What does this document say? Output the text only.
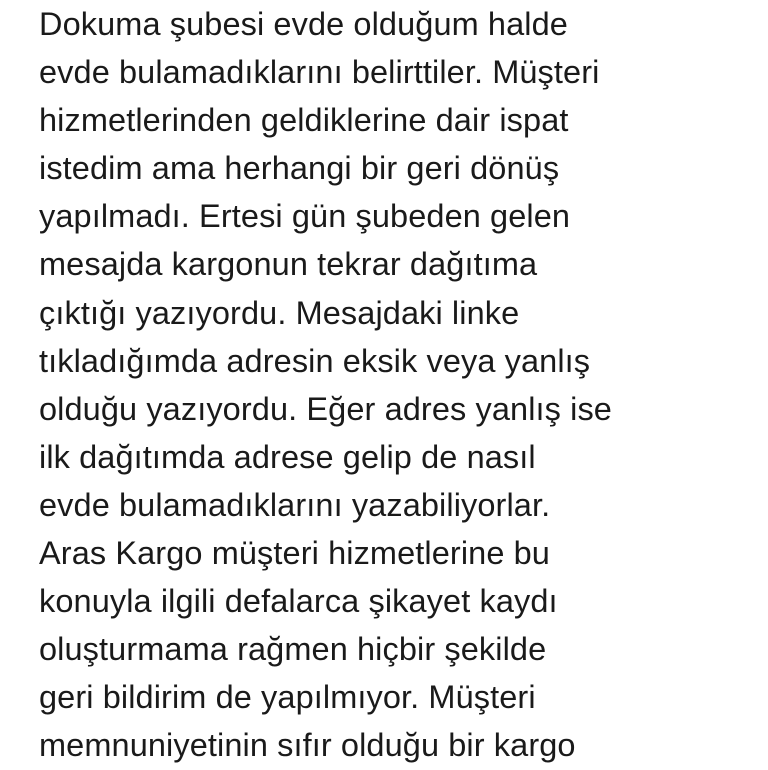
Dokuma şubesi evde olduğum halde
evde bulamadıklarını belirttiler. Müşteri
hizmetlerinden geldiklerine dair ispat
istedim ama herhangi bir geri dönüş
yapılmadı. Ertesi gün şubeden gelen
mesajda kargonun tekrar dağıtıma
çıktığı yazıyordu. Mesajdaki linke
tıkladığımda adresin eksik veya yanlış
olduğu yazıyordu. Eğer adres yanlış ise
ilk dağıtımda adrese gelip de nasıl
evde bulamadıklarını yazabiliyorlar.
Aras Kargo müşteri hizmetlerine bu
konuyla ilgili defalarca şikayet kaydı
oluşturmama rağmen hiçbir şekilde
geri bildirim de yapılmıyor. Müşteri
memnuniyetinin sıfır olduğu bir kargo
